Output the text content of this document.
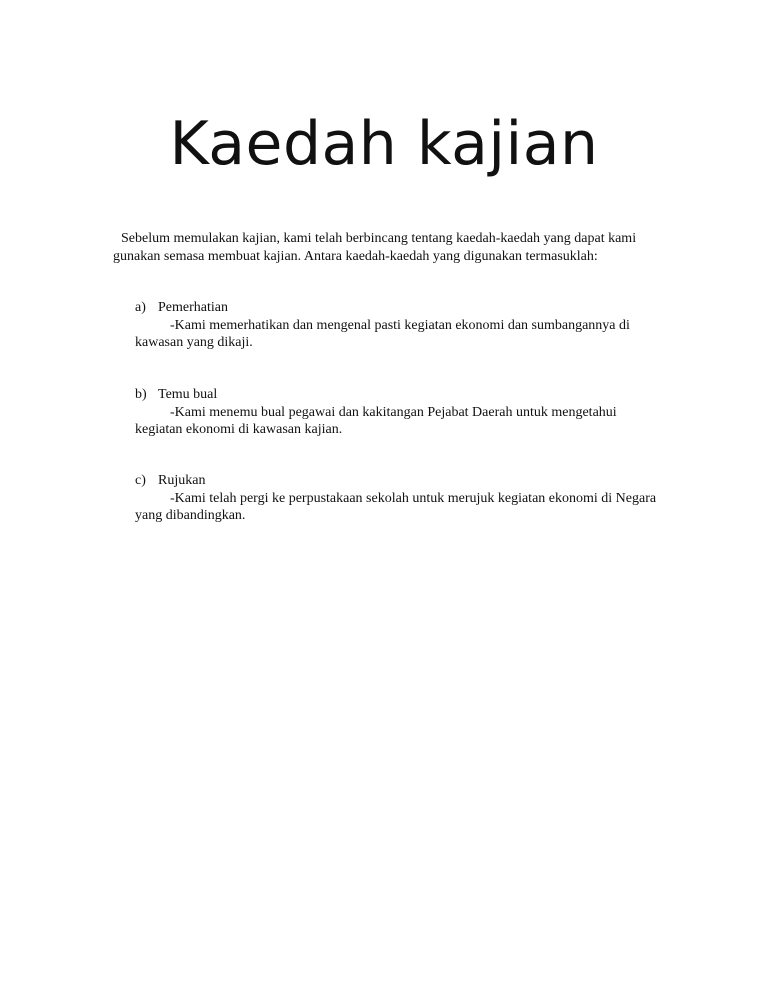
Kaedah kajian

Sebelum memulakan kajian, kami telah berbincang tentang kaedah-kaedah yang dapat kami gunakan semasa membuat kajian. Antara kaedah-kaedah yang digunakan termasuklah:

a) Pemerhatian

-Kami memerhatikan dan mengenal pasti kegiatan ekonomi dan sumbangannya di kawasan yang dikaji.

b) Temu bual

-Kami menemu bual pegawai dan kakitangan Pejabat Daerah untuk mengetahui kegiatan ekonomi di kawasan kajian.

c) Rujukan

-Kami telah pergi ke perpustakaan sekolah untuk merujuk kegiatan ekonomi di Negara yang dibandingkan.
